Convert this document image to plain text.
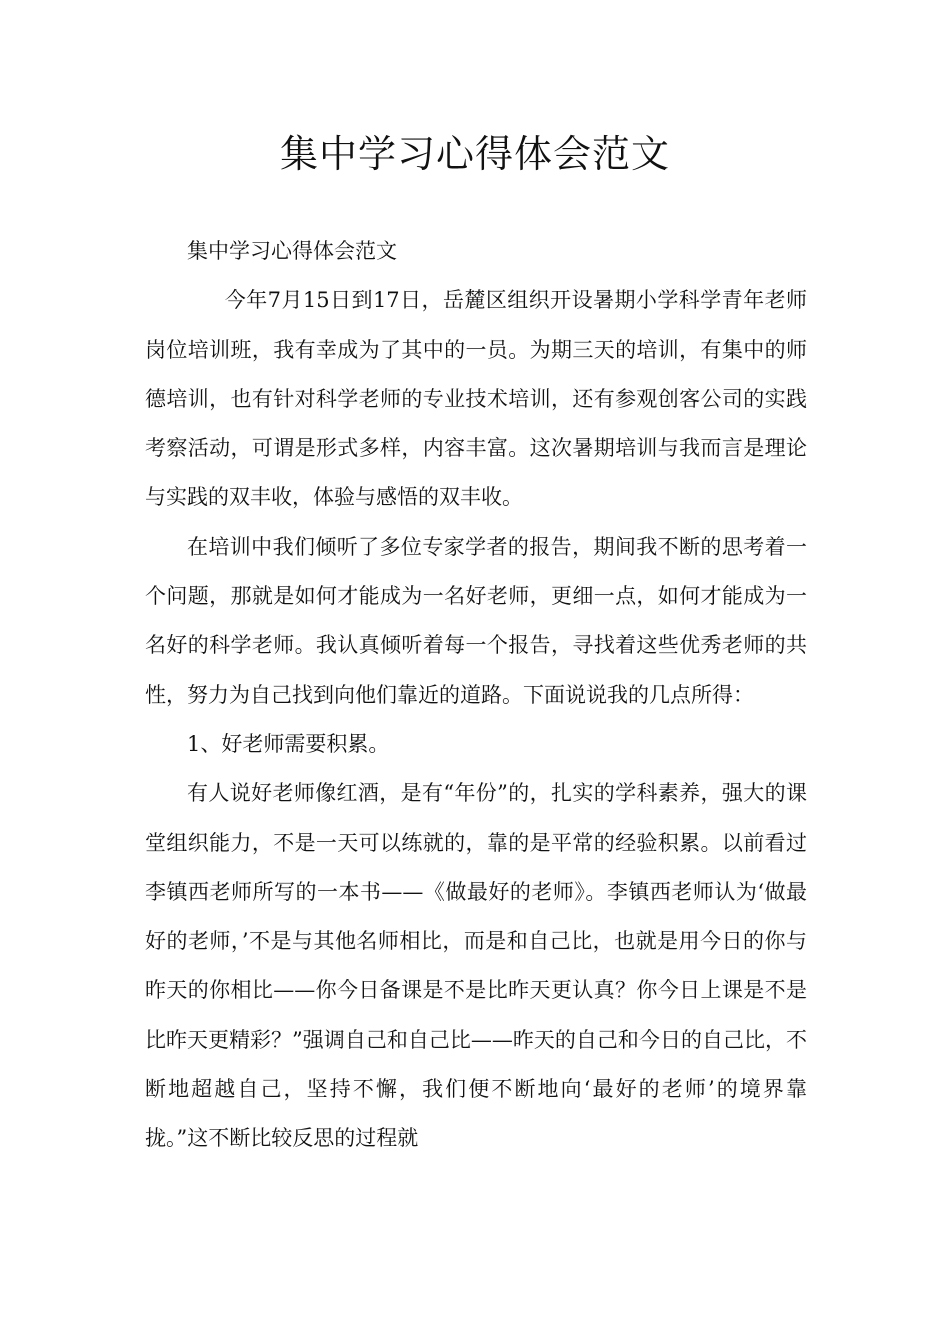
集中学习心得体会范文

集中学习心得体会范文

今年7月15日到17日，岳麓区组织开设暑期小学科学青年老师岗位培训班，我有幸成为了其中的一员。为期三天的培训，有集中的师德培训，也有针对科学老师的专业技术培训，还有参观创客公司的实践考察活动，可谓是形式多样，内容丰富。这次暑期培训与我而言是理论与实践的双丰收，体验与感悟的双丰收。

在培训中我们倾听了多位专家学者的报告，期间我不断的思考着一个问题，那就是如何才能成为一名好老师，更细一点，如何才能成为一名好的科学老师。我认真倾听着每一个报告，寻找着这些优秀老师的共性，努力为自己找到向他们靠近的道路。下面说说我的几点所得：

1、好老师需要积累。

有人说好老师像红酒，是有“年份”的，扎实的学科素养，强大的课堂组织能力，不是一天可以练就的，靠的是平常的经验积累。以前看过李镇西老师所写的一本书——《做最好的老师》。李镇西老师认为‘做最好的老师，’不是与其他名师相比，而是和自己比，也就是用今日的你与昨天的你相比——你今日备课是不是比昨天更认真？你今日上课是不是比昨天更精彩？”强调自己和自己比——昨天的自己和今日的自己比，不断地超越自己，坚持不懈，我们便不断地向‘最好的老师’的境界靠拢。”这不断比较反思的过程就
